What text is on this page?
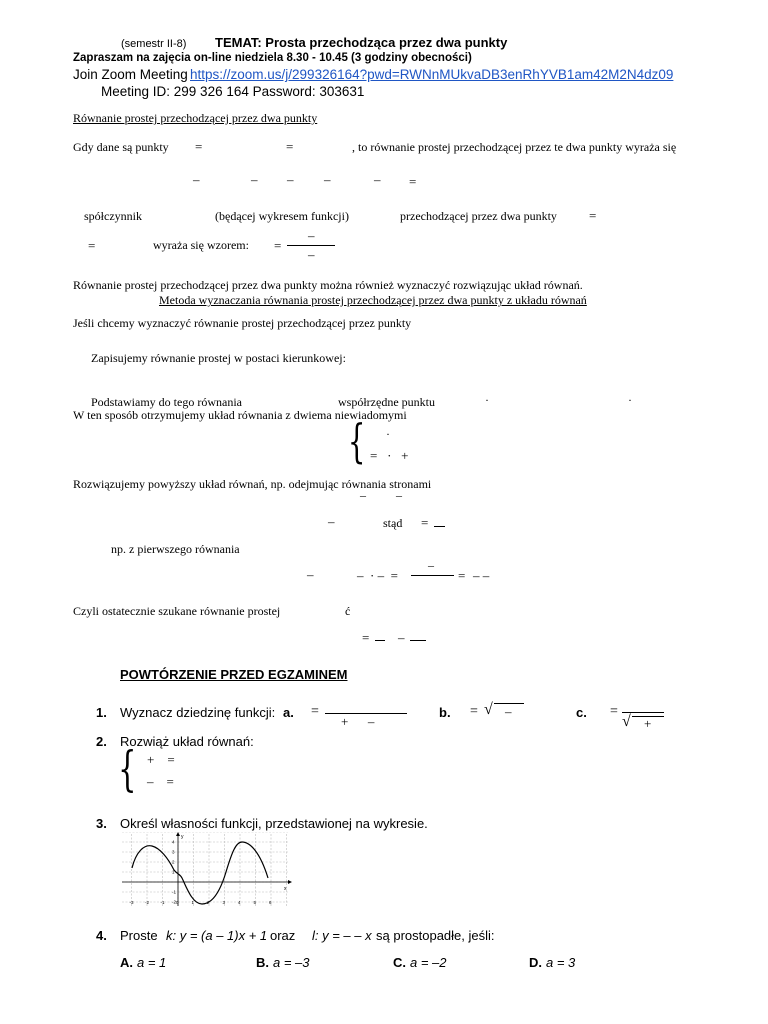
(semestr II-8) TEMAT: Prosta przechodząca przez dwa punkty
Zapraszam na zajęcia on-line niedziela 8.30 - 10.45 (3 godziny obecności)
Join Zoom Meeting https://zoom.us/j/299326164?pwd=RWNnMUkvaDB3enRhYVB1am42M2N4dz09
Meeting ID: 299 326 164 Password: 303631
Równanie prostej przechodzącej przez dwa punkty
Gdy dane są punkty =	=	, to równanie prostej przechodzącej przez te dwa punkty wyraża się
–	– – –	– =
spółczynnik	(będącej wykresem funkcji)	przechodzącej przez dwa punkty =
=	wyraża się wzorem: =
–
–
Równanie prostej przechodzącej przez dwa punkty można również wyznaczyć rozwiązując układ równań.
Metoda wyznaczania równania prostej przechodzącej przez dwa punkty z układu równań
Jeśli chcemy wyznaczyć równanie prostej przechodzącej przez punkty
Zapisujemy równanie prostej w postaci kierunkowej:
Podstawiamy do tego równania	współrzędne punktu	·	·
W ten sposób otrzymujemy układ równania z dwiema niewiadomymi
{ ·
=   ·   +
Rozwiązujemy powyższy układ równań, np. odejmując równania stronami
–          –
–	stąd =
np. z pierwszego równania
–
–	–  · –  =	= – –
Czyli ostatecznie szukane równanie prostej	ć
= –
POWTÓRZENIE PRZED EGZAMINEM
1. Wyznacz dziedzinę funkcji: a. =
+      –
b. = √ –	c. =
√ +
2. Rozwiąż układ równań:
{ +    =
–    =
3. Określ własności funkcji, przedstawionej na wykresie.
-3	-2	-1	0	1	2	3	4	5	6
4
3
2
1
-1
-2
x
y
4. Proste k: y = (a – 1)x + 1 oraz l: y = – – x są prostopadłe, jeśli:
A. a = 1	B. a = –3	C. a = –2	D. a = 3
